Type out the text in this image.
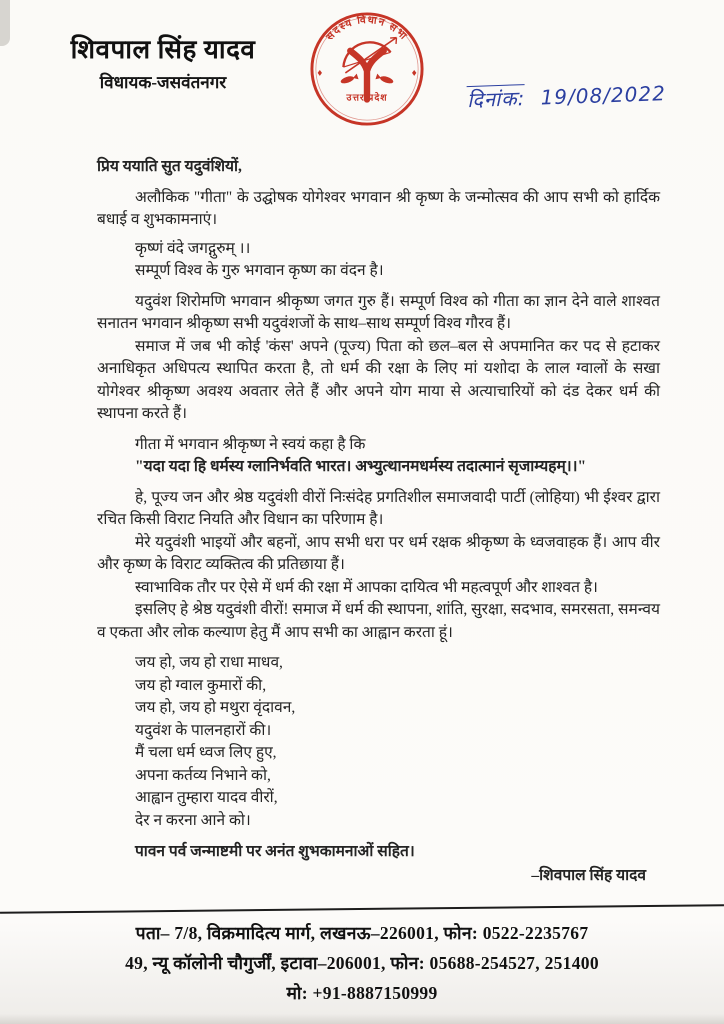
शिवपाल सिंह यादव
विधायक-जसवंतनगर
सदस्य विधान सभा
उत्तर प्रदेश	दिनांक: 19/08/2022

प्रिय ययाति सुत यदुवंशियों,

अलौकिक "गीता" के उद्घोषक योगेश्वर भगवान श्री कृष्ण के जन्मोत्सव की आप सभी को हार्दिक बधाई व शुभकामनाएं।

कृष्णं वंदे जगद्गुरुम् ।।

सम्पूर्ण विश्व के गुरु भगवान कृष्ण का वंदन है।

यदुवंश शिरोमणि भगवान श्रीकृष्ण जगत गुरु हैं। सम्पूर्ण विश्व को गीता का ज्ञान देने वाले शाश्वत सनातन भगवान श्रीकृष्ण सभी यदुवंशजों के साथ–साथ सम्पूर्ण विश्व गौरव हैं।

समाज में जब भी कोई 'कंस' अपने (पूज्य) पिता को छल–बल से अपमानित कर पद से हटाकर अनाधिकृत अधिपत्य स्थापित करता है, तो धर्म की रक्षा के लिए मां यशोदा के लाल ग्वालों के सखा योगेश्वर श्रीकृष्ण अवश्य अवतार लेते हैं और अपने योग माया से अत्याचारियों को दंड देकर धर्म की स्थापना करते हैं।

गीता में भगवान श्रीकृष्ण ने स्वयं कहा है कि

"यदा यदा हि धर्मस्य ग्लानिर्भवति भारत। अभ्युत्थानमधर्मस्य तदात्मानं सृजाम्यहम्।।"

हे, पूज्य जन और श्रेष्ठ यदुवंशी वीरों निःसंदेह प्रगतिशील समाजवादी पार्टी (लोहिया) भी ईश्वर द्वारा रचित किसी विराट नियति और विधान का परिणाम है।

मेरे यदुवंशी भाइयों और बहनों, आप सभी धरा पर धर्म रक्षक श्रीकृष्ण के ध्वजवाहक हैं। आप वीर और कृष्ण के विराट व्यक्तित्व की प्रतिछाया हैं।

स्वाभाविक तौर पर ऐसे में धर्म की रक्षा में आपका दायित्व भी महत्वपूर्ण और शाश्वत है।

इसलिए हे श्रेष्ठ यदुवंशी वीरों! समाज में धर्म की स्थापना, शांति, सुरक्षा, सदभाव, समरसता, समन्वय व एकता और लोक कल्याण हेतु मैं आप सभी का आह्वान करता हूं।

जय हो, जय हो राधा माधव,

जय हो ग्वाल कुमारों की,

जय हो, जय हो मथुरा वृंदावन,

यदुवंश के पालनहारों की।

मैं चला धर्म ध्वज लिए हुए,

अपना कर्तव्य निभाने को,

आह्वान तुम्हारा यादव वीरों,

देर न करना आने को।

पावन पर्व जन्माष्टमी पर अनंत शुभकामनाओं सहित।

–शिवपाल सिंह यादव

पता– 7/8, विक्रमादित्य मार्ग, लखनऊ–226001, फोन: 0522-2235767

49, न्यू कॉलोनी चौगुर्जीं, इटावा–206001, फोन: 05688-254527, 251400

मो: +91-8887150999
